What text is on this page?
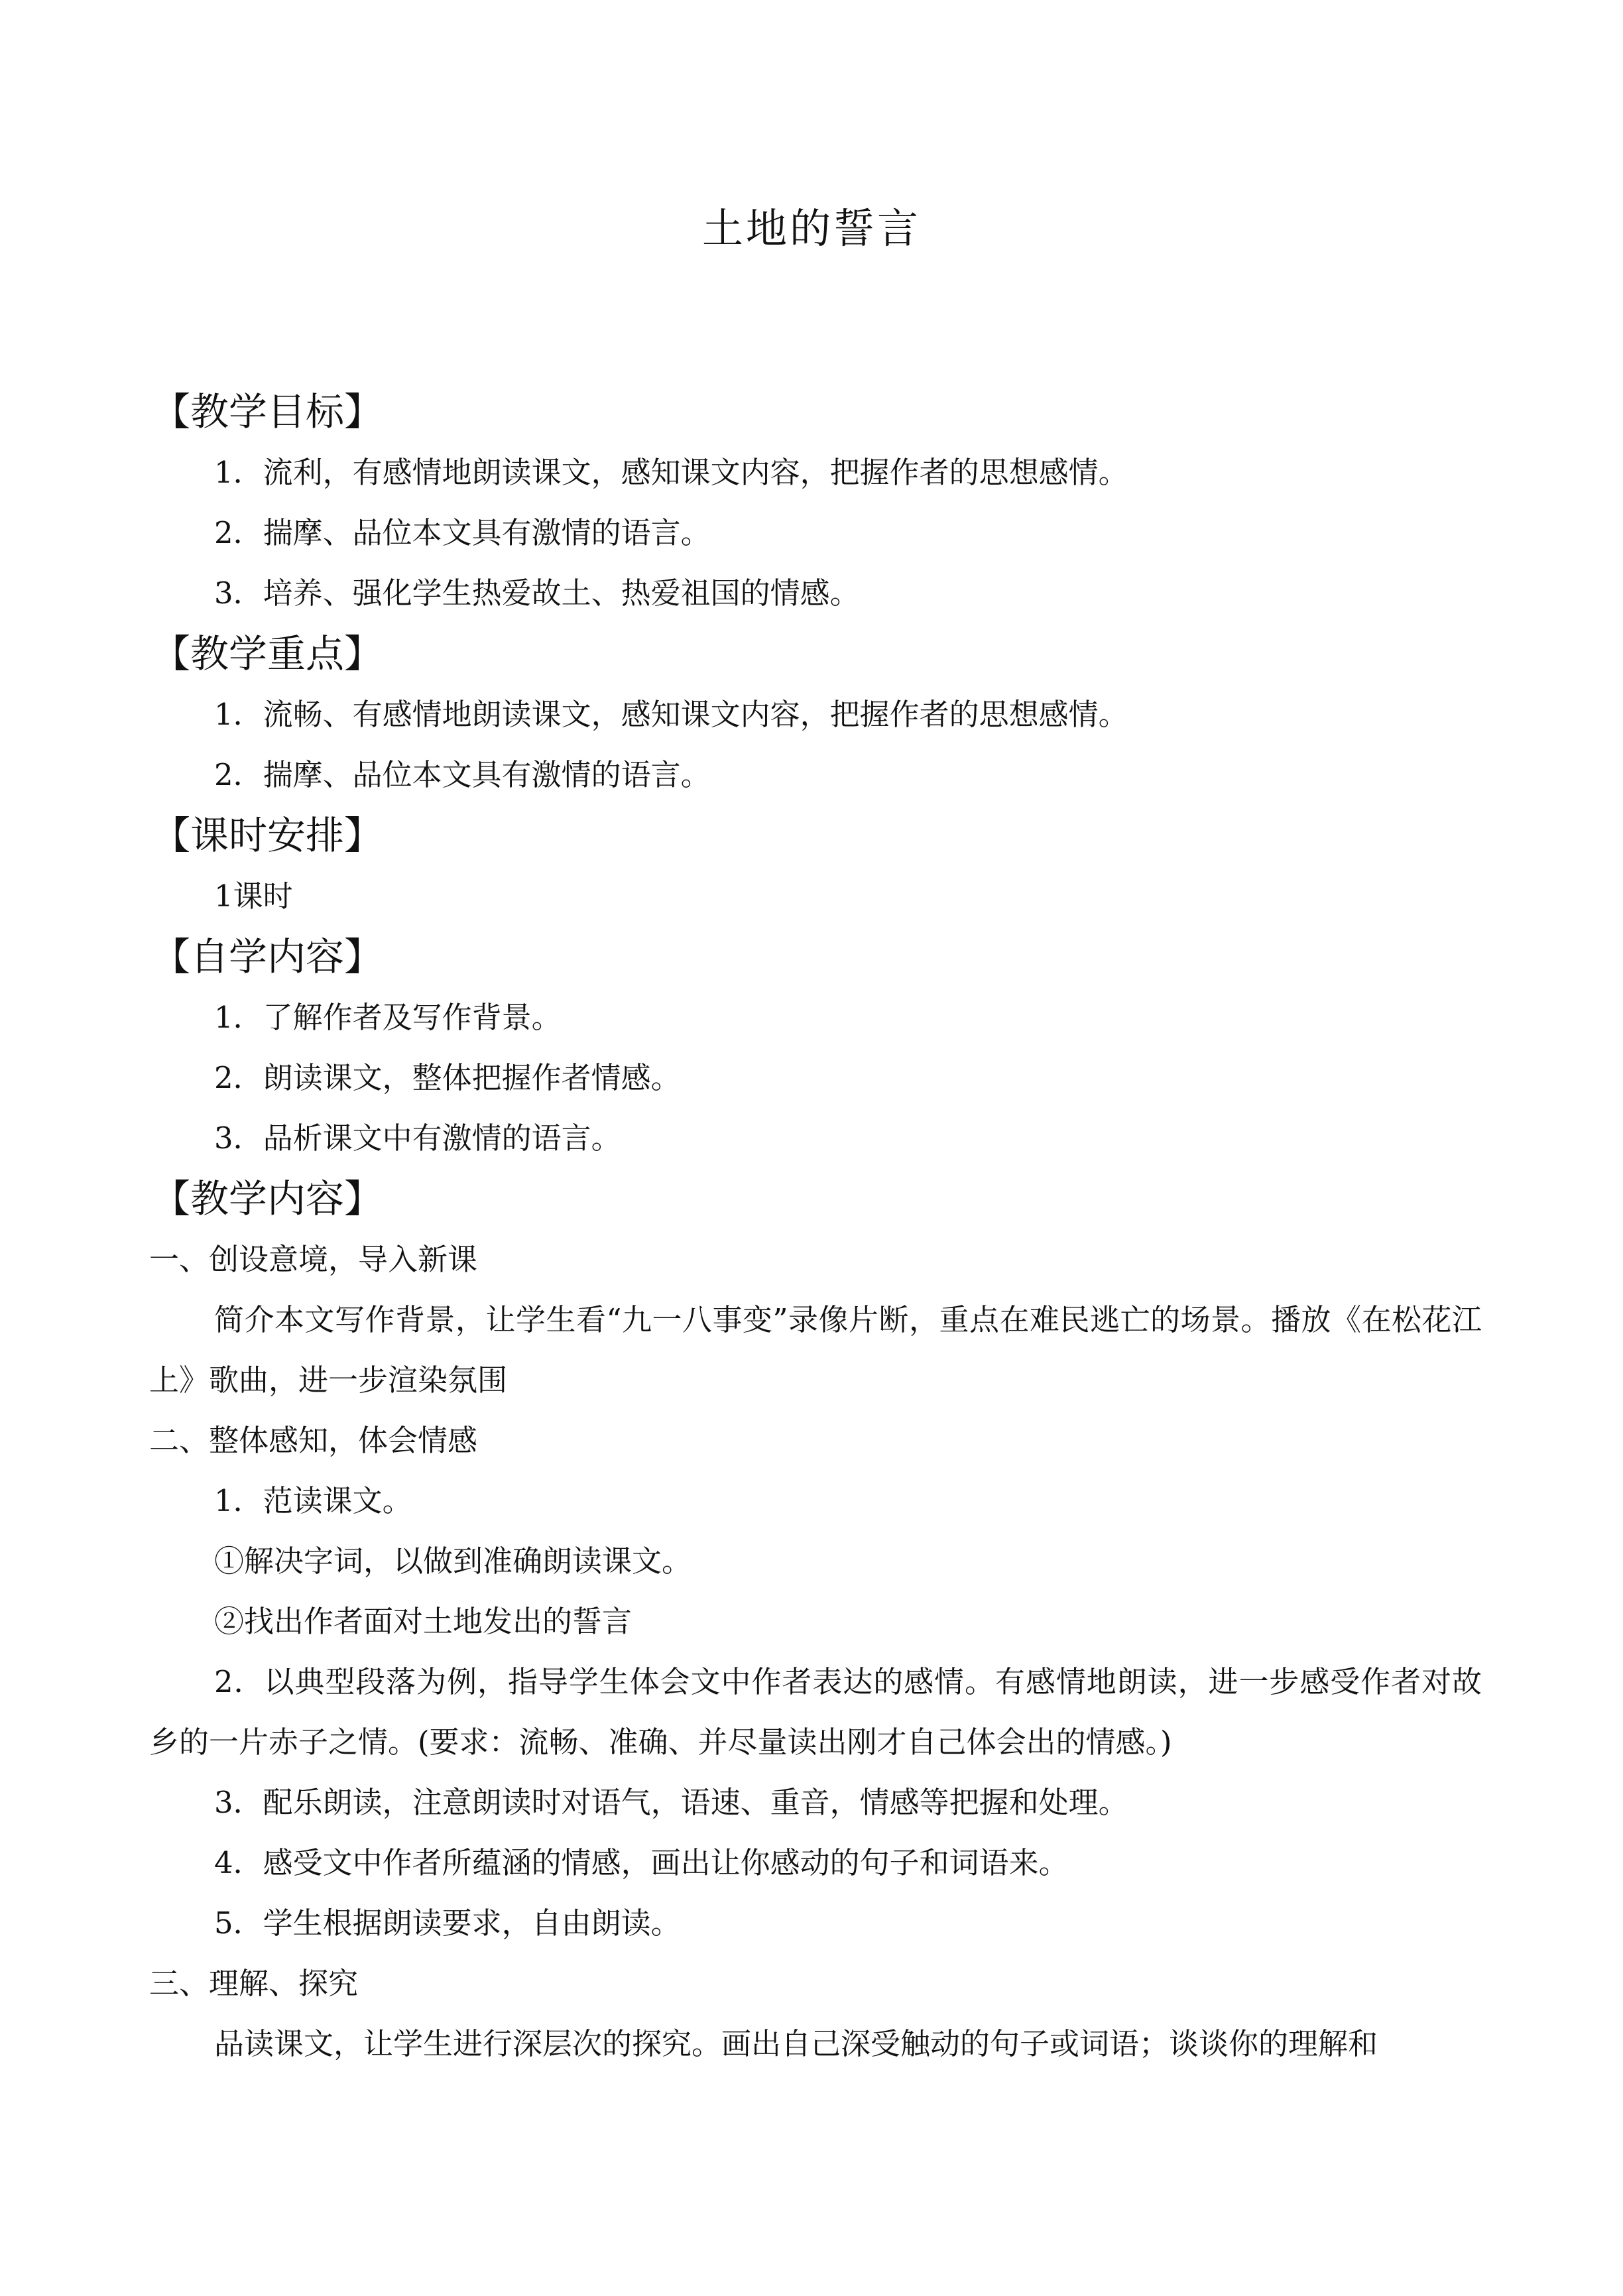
土地的誓言
【教学目标】
1．流利，有感情地朗读课文，感知课文内容，把握作者的思想感情。
2．揣摩、品位本文具有激情的语言。
3．培养、强化学生热爱故土、热爱祖国的情感。
【教学重点】
1．流畅、有感情地朗读课文，感知课文内容，把握作者的思想感情。
2．揣摩、品位本文具有激情的语言。
【课时安排】
1课时
【自学内容】
1．了解作者及写作背景。
2．朗读课文，整体把握作者情感。
3．品析课文中有激情的语言。
【教学内容】
一、创设意境，导入新课
简介本文写作背景，让学生看“九一八事变”录像片断，重点在难民逃亡的场景。播放《在松花江上》歌曲，进一步渲染氛围
二、整体感知，体会情感
1．范读课文。
①解决字词，以做到准确朗读课文。
②找出作者面对土地发出的誓言
2．以典型段落为例，指导学生体会文中作者表达的感情。有感情地朗读，进一步感受作者对故乡的一片赤子之情。(要求：流畅、准确、并尽量读出刚才自己体会出的情感。)
3．配乐朗读，注意朗读时对语气，语速、重音，情感等把握和处理。
4．感受文中作者所蕴涵的情感，画出让你感动的句子和词语来。
5．学生根据朗读要求，自由朗读。
三、理解、探究
品读课文，让学生进行深层次的探究。画出自己深受触动的句子或词语；谈谈你的理解和
